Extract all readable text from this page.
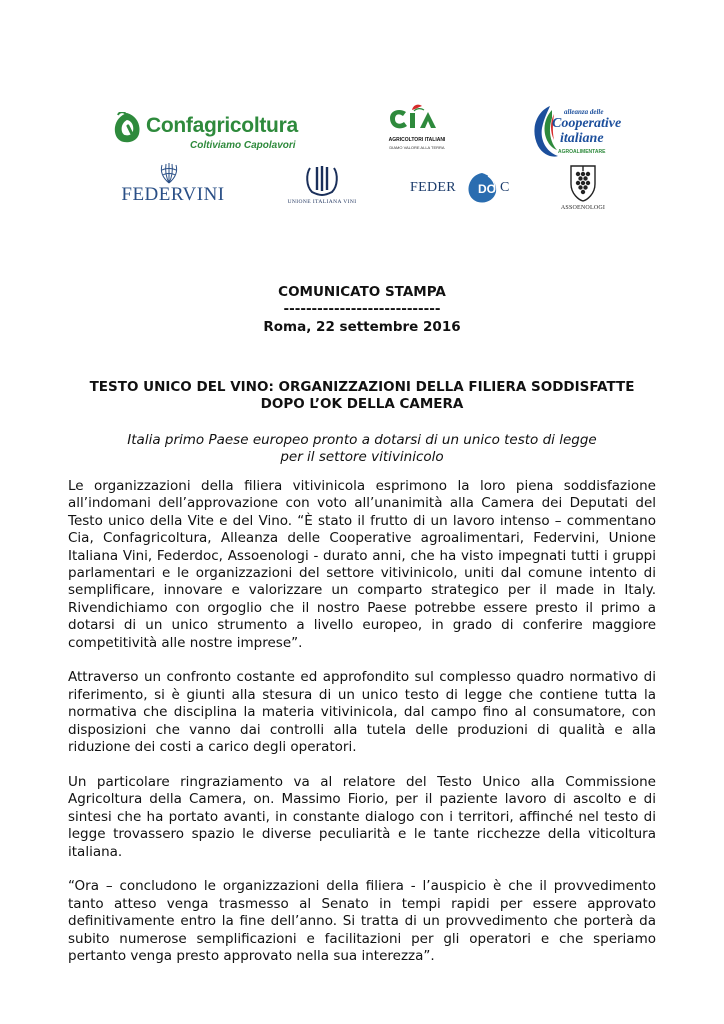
Confagricoltura
Coltiviamo Capolavori	AGRICOLTORI ITALIANI
DIAMO VALORE ALLA TERRA
alleanza delle
Cooperative
italiane
AGROALIMENTARE
FEDERVINI	UNIONE ITALIANA VINI
FEDER DO C
ASSOENOLOGI
COMUNICATO STAMPA
----------------------------
Roma, 22 settembre 2016
TESTO UNICO DEL VINO: ORGANIZZAZIONI DELLA FILIERA SODDISFATTE
DOPO L’OK DELLA CAMERA
Italia primo Paese europeo pronto a dotarsi di un unico testo di legge
per il settore vitivinicolo

Le organizzazioni della filiera vitivinicola esprimono la loro piena soddisfazione all’indomani dell’approvazione con voto all’unanimità alla Camera dei Deputati del Testo unico della Vite e del Vino. “È stato il frutto di un lavoro intenso – commentano Cia, Confagricoltura, Alleanza delle Cooperative agroalimentari, Federvini, Unione Italiana Vini, Federdoc, Assoenologi - durato anni, che ha visto impegnati tutti i gruppi parlamentari e le organizzazioni del settore vitivinicolo, uniti dal comune intento di semplificare, innovare e valorizzare un comparto strategico per il made in Italy. Rivendichiamo con orgoglio che il nostro Paese potrebbe essere presto il primo a dotarsi di un unico strumento a livello europeo, in grado di conferire maggiore competitività alle nostre imprese”.

Attraverso un confronto costante ed approfondito sul complesso quadro normativo di riferimento, si è giunti alla stesura di un unico testo di legge che contiene tutta la normativa che disciplina la materia vitivinicola, dal campo fino al consumatore, con disposizioni che vanno dai controlli alla tutela delle produzioni di qualità e alla riduzione dei costi a carico degli operatori.

Un particolare ringraziamento va al relatore del Testo Unico alla Commissione Agricoltura della Camera, on. Massimo Fiorio, per il paziente lavoro di ascolto e di sintesi che ha portato avanti, in constante dialogo con i territori, affinché nel testo di legge trovassero spazio le diverse peculiarità e le tante ricchezze della viticoltura italiana.

“Ora – concludono le organizzazioni della filiera - l’auspicio è che il provvedimento tanto atteso venga trasmesso al Senato in tempi rapidi per essere approvato definitivamente entro la fine dell’anno. Si tratta di un provvedimento che porterà da subito numerose semplificazioni e facilitazioni per gli operatori e che speriamo pertanto venga presto approvato nella sua interezza”.
